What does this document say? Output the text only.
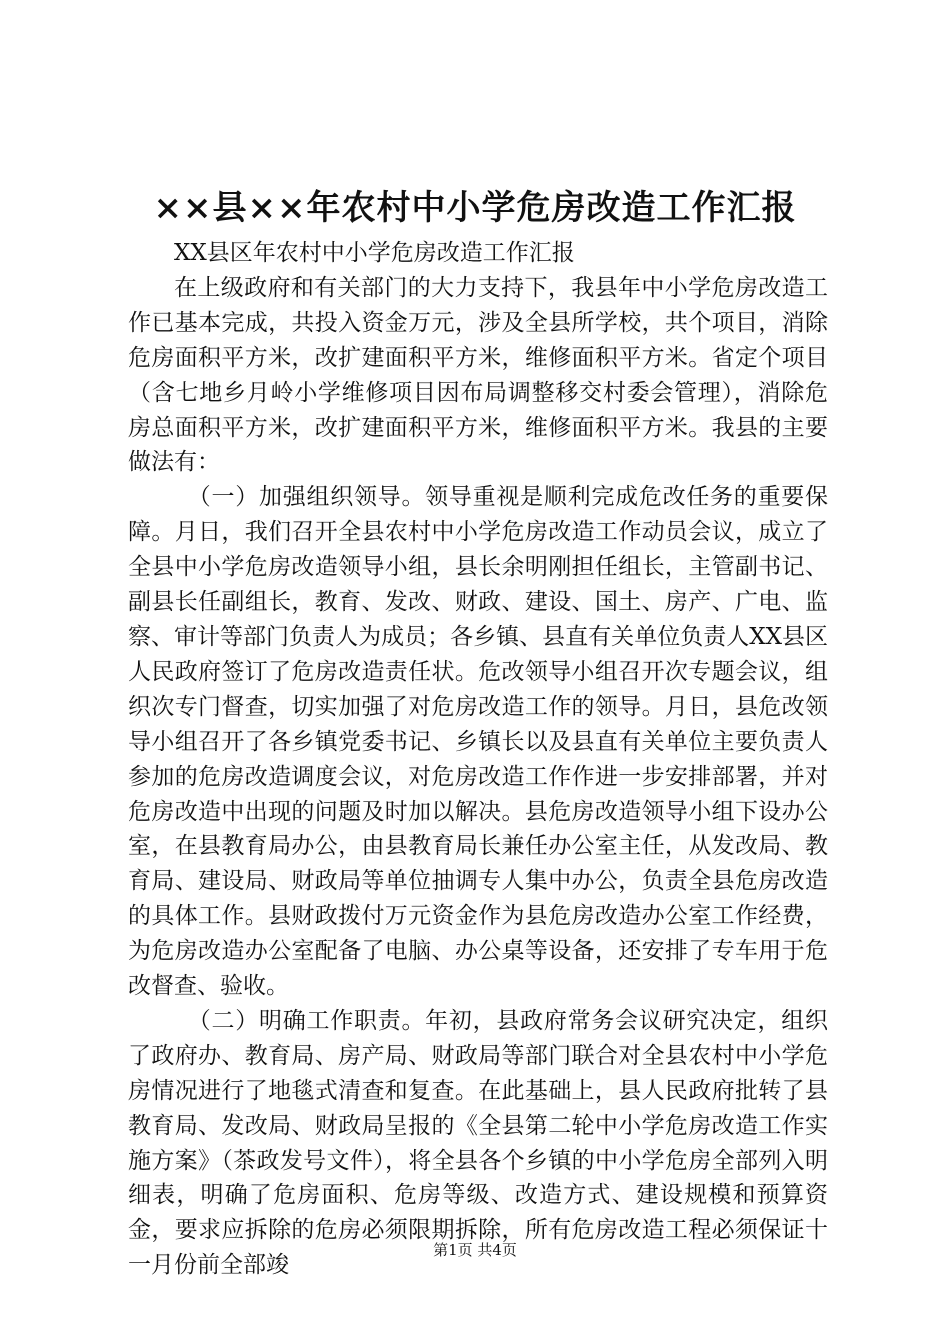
××县××年农村中小学危房改造工作汇报

XX县区年农村中小学危房改造工作汇报

在上级政府和有关部门的大力支持下，我县年中小学危房改造工作已基本完成，共投入资金万元，涉及全县所学校，共个项目，消除危房面积平方米，改扩建面积平方米，维修面积平方米。省定个项目（含七地乡月岭小学维修项目因布局调整移交村委会管理），消除危房总面积平方米，改扩建面积平方米，维修面积平方米。我县的主要做法有：

（一）加强组织领导。领导重视是顺利完成危改任务的重要保障。月日，我们召开全县农村中小学危房改造工作动员会议，成立了全县中小学危房改造领导小组，县长余明刚担任组长，主管副书记、副县长任副组长，教育、发改、财政、建设、国土、房产、广电、监察、审计等部门负责人为成员；各乡镇、县直有关单位负责人XX县区人民政府签订了危房改造责任状。危改领导小组召开次专题会议，组织次专门督查，切实加强了对危房改造工作的领导。月日，县危改领导小组召开了各乡镇党委书记、乡镇长以及县直有关单位主要负责人参加的危房改造调度会议，对危房改造工作作进一步安排部署，并对危房改造中出现的问题及时加以解决。县危房改造领导小组下设办公室，在县教育局办公，由县教育局长兼任办公室主任，从发改局、教育局、建设局、财政局等单位抽调专人集中办公，负责全县危房改造的具体工作。县财政拨付万元资金作为县危房改造办公室工作经费，为危房改造办公室配备了电脑、办公桌等设备，还安排了专车用于危改督查、验收。

（二）明确工作职责。年初，县政府常务会议研究决定，组织了政府办、教育局、房产局、财政局等部门联合对全县农村中小学危房情况进行了地毯式清查和复查。在此基础上，县人民政府批转了县教育局、发改局、财政局呈报的《全县第二轮中小学危房改造工作实施方案》（茶政发号文件），将全县各个乡镇的中小学危房全部列入明细表，明确了危房面积、危房等级、改造方式、建设规模和预算资金，要求应拆除的危房必须限期拆除，所有危房改造工程必须保证十一月份前全部竣

第1页 共4页
